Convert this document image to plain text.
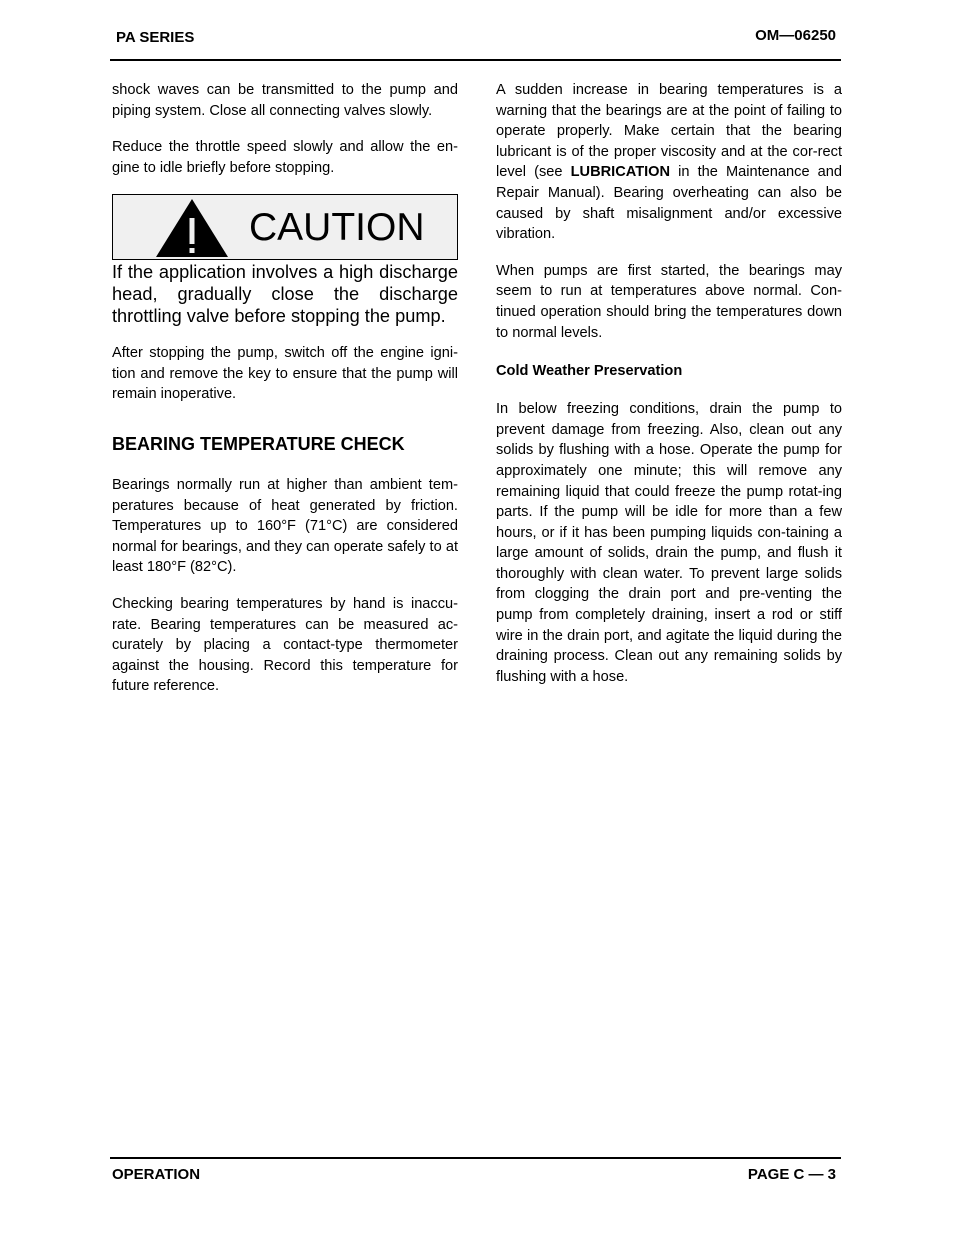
PA SERIES	OM—06250

shock waves can be transmitted to the pump and piping system. Close all connecting valves slowly.

Reduce the throttle speed slowly and allow the en-gine to idle briefly before stopping.

CAUTION

If the application involves a high discharge head, gradually close the discharge throttling valve before stopping the pump.

After stopping the pump, switch off the engine igni-tion and remove the key to ensure that the pump will remain inoperative.

BEARING TEMPERATURE CHECK

Bearings normally run at higher than ambient tem-peratures because of heat generated by friction. Temperatures up to 160°F (71°C) are considered normal for bearings, and they can operate safely to at least 180°F (82°C).

Checking bearing temperatures by hand is inaccu-rate. Bearing temperatures can be measured ac-curately by placing a contact-type thermometer against the housing. Record this temperature for future reference.

A sudden increase in bearing temperatures is a warning that the bearings are at the point of failing to operate properly. Make certain that the bearing lubricant is of the proper viscosity and at the cor-rect level (see LUBRICATION in the Maintenance and Repair Manual). Bearing overheating can also be caused by shaft misalignment and/or excessive vibration.

When pumps are first started, the bearings may seem to run at temperatures above normal. Con-tinued operation should bring the temperatures down to normal levels.

Cold Weather Preservation

In below freezing conditions, drain the pump to prevent damage from freezing. Also, clean out any solids by flushing with a hose. Operate the pump for approximately one minute; this will remove any remaining liquid that could freeze the pump rotat-ing parts. If the pump will be idle for more than a few hours, or if it has been pumping liquids con-taining a large amount of solids, drain the pump, and flush it thoroughly with clean water. To prevent large solids from clogging the drain port and pre-venting the pump from completely draining, insert a rod or stiff wire in the drain port, and agitate the liquid during the draining process. Clean out any remaining solids by flushing with a hose.

OPERATION	PAGE C — 3
